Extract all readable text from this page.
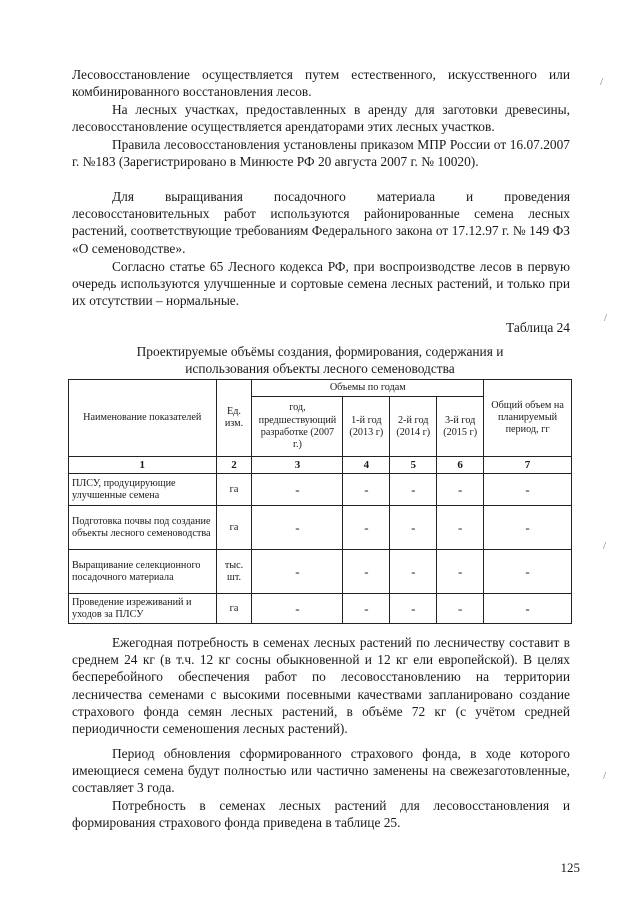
Лесовосстановление осуществляется путем естественного, искусственного или комбинированного восстановления лесов.

На лесных участках, предоставленных в аренду для заготовки древесины, лесовосстановление осуществляется арендаторами этих лесных участков.

Правила лесовосстановления установлены приказом МПР России от 16.07.2007 г. №183 (Зарегистрировано в Минюсте РФ 20 августа 2007 г. № 10020).

Для выращивания посадочного материала и проведения лесовосстановительных работ используются районированные семена лесных растений, соответствующие требованиям Федерального закона от 17.12.97 г. № 149 ФЗ «О семеноводстве».

Согласно статье 65 Лесного кодекса РФ, при воспроизводстве лесов в первую очередь используются улучшенные и сортовые семена лесных растений, и только при их отсутствии – нормальные.

Таблица 24
Проектируемые объёмы создания, формирования, содержания и использования объекты лесного семеноводства
Наименование показателей	Ед. изм.	Объемы по годам				Общий объем на планируемый период, гг
		год, предшествующий разработке (2007 г.)	1-й год (2013 г)	2-й год (2014 г)	3-й год (2015 г)	
1	2	3	4	5	6	7
ПЛСУ, продуцирующие улучшенные семена	га	-	-	-	-	-
Подготовка почвы под создание объекты лесного семеноводства	га	-	-	-	-	-
Выращивание селекционного посадочного материала	тыс. шт.	-	-	-	-	-
Проведение изреживаний и уходов за ПЛСУ	га	-	-	-	-	-

Ежегодная потребность в семенах лесных растений по лесничеству составит в среднем 24 кг (в т.ч. 12 кг сосны обыкновенной и 12 кг ели европейской). В целях бесперебойного обеспечения работ по лесовосстановлению на территории лесничества семенами с высокими посевными качествами запланировано создание страхового фонда семян лесных растений, в объёме 72 кг (с учётом средней периодичности семеношения лесных растений).

Период обновления сформированного страхового фонда, в ходе которого имеющиеся семена будут полностью или частично заменены на свежезаготовленные, составляет 3 года.

Потребность в семенах лесных растений для лесовосстановления и формирования страхового фонда приведена в таблице 25.

125
/
/
/
/
